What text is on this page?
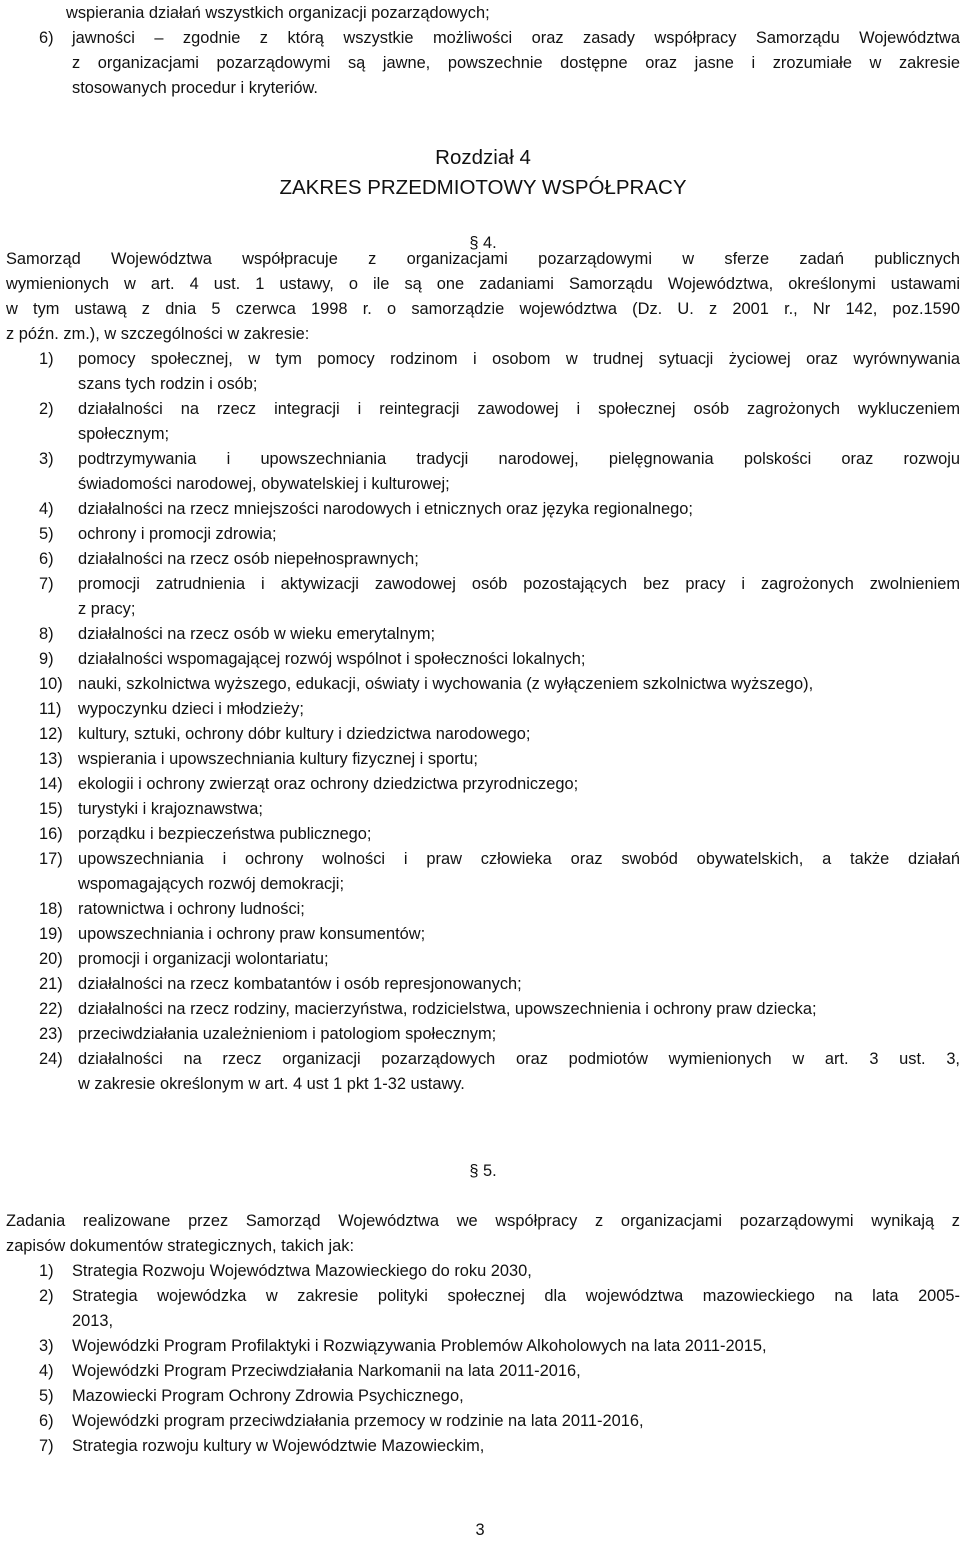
wspierania działań wszystkich organizacji pozarządowych;
6)	jawności – zgodnie z którą wszystkie możliwości oraz zasady współpracy Samorządu Województwa
z organizacjami pozarządowymi są jawne, powszechnie dostępne oraz jasne i zrozumiałe w zakresie
stosowanych procedur i kryteriów.
Rozdział 4
ZAKRES PRZEDMIOTOWY WSPÓŁPRACY
§ 4.
Samorząd Województwa współpracuje z organizacjami pozarządowymi w sferze zadań publicznych
wymienionych w art. 4 ust. 1 ustawy, o ile są one zadaniami Samorządu Województwa, określonymi ustawami
w tym ustawą z dnia 5 czerwca 1998 r. o samorządzie województwa (Dz. U. z 2001 r., Nr 142, poz.1590
z późn. zm.), w szczególności w zakresie:
1)	pomocy społecznej, w tym pomocy rodzinom i osobom w trudnej sytuacji życiowej oraz wyrównywania
szans tych rodzin i osób;
2)	działalności na rzecz integracji i reintegracji zawodowej i społecznej osób zagrożonych wykluczeniem
społecznym;
3)	podtrzymywania i upowszechniania tradycji narodowej, pielęgnowania polskości oraz rozwoju
świadomości narodowej, obywatelskiej i kulturowej;
4)	działalności na rzecz mniejszości narodowych i etnicznych oraz języka regionalnego;
5)	ochrony i promocji zdrowia;
6)	działalności na rzecz osób niepełnosprawnych;
7)	promocji zatrudnienia i aktywizacji zawodowej osób pozostających bez pracy i zagrożonych zwolnieniem
z pracy;
8)	działalności na rzecz osób w wieku emerytalnym;
9)	działalności wspomagającej rozwój wspólnot i społeczności lokalnych;
10) nauki, szkolnictwa wyższego, edukacji, oświaty i wychowania (z wyłączeniem szkolnictwa wyższego),
11)	wypoczynku dzieci i młodzieży;
12) kultury, sztuki, ochrony dóbr kultury i dziedzictwa narodowego;
13) wspierania i upowszechniania kultury fizycznej i sportu;
14) ekologii i ochrony zwierząt oraz ochrony dziedzictwa przyrodniczego;
15) turystyki i krajoznawstwa;
16) porządku i bezpieczeństwa publicznego;
17) upowszechniania i ochrony wolności i praw człowieka oraz swobód obywatelskich, a także działań
wspomagających rozwój demokracji;
18) ratownictwa i ochrony ludności;
19) upowszechniania i ochrony praw konsumentów;
20) promocji i organizacji wolontariatu;
21) działalności na rzecz kombatantów i osób represjonowanych;
22) działalności na rzecz rodziny, macierzyństwa, rodzicielstwa, upowszechnienia i ochrony praw dziecka;
23) przeciwdziałania uzależnieniom i patologiom społecznym;
24) działalności na rzecz organizacji pozarządowych oraz podmiotów wymienionych w art. 3 ust. 3,
w zakresie określonym w art. 4 ust 1 pkt 1-32 ustawy.
§ 5.
Zadania realizowane przez Samorząd Województwa we współpracy z organizacjami pozarządowymi wynikają z
zapisów dokumentów strategicznych, takich jak:
1)	Strategia Rozwoju Województwa Mazowieckiego do roku 2030,
2)	Strategia wojewódzka w zakresie polityki społecznej dla województwa mazowieckiego na lata 2005-
2013,
3)	Wojewódzki Program Profilaktyki i Rozwiązywania Problemów Alkoholowych na lata 2011-2015,
4)	Wojewódzki Program Przeciwdziałania Narkomanii na lata 2011-2016,
5)	Mazowiecki Program Ochrony Zdrowia Psychicznego,
6)	Wojewódzki program przeciwdziałania przemocy w rodzinie na lata 2011-2016,
7)	Strategia rozwoju kultury w Województwie Mazowieckim,
3
